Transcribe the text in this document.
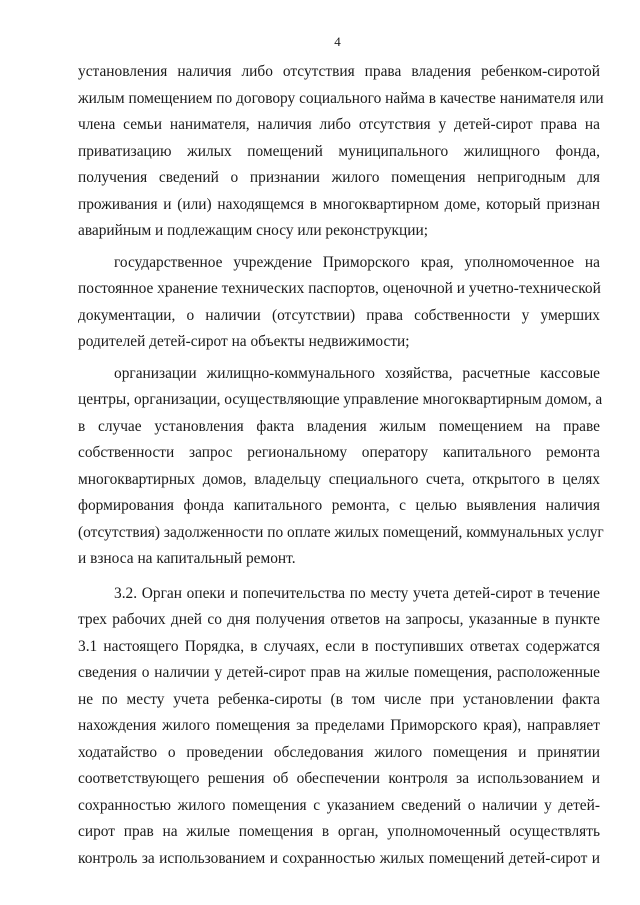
4
установления наличия либо отсутствия права владения ребенком-сиротой
жилым помещением по договору социального найма в качестве нанимателя или
члена семьи нанимателя, наличия либо отсутствия у детей-сирот права на
приватизацию жилых помещений муниципального жилищного фонда,
получения сведений о признании жилого помещения непригодным для
проживания и (или) находящемся в многоквартирном доме, который признан
аварийным и подлежащим сносу или реконструкции;
государственное учреждение Приморского края, уполномоченное на
постоянное хранение технических паспортов, оценочной и учетно-технической
документации, о наличии (отсутствии) права собственности у умерших
родителей детей-сирот на объекты недвижимости;
организации жилищно-коммунального хозяйства, расчетные кассовые
центры, организации, осуществляющие управление многоквартирным домом, а
в случае установления факта владения жилым помещением на праве
собственности запрос региональному оператору капитального ремонта
многоквартирных домов, владельцу специального счета, открытого в целях
формирования фонда капитального ремонта, с целью выявления наличия
(отсутствия) задолженности по оплате жилых помещений, коммунальных услуг
и взноса на капитальный ремонт.
3.2. Орган опеки и попечительства по месту учета детей-сирот в течение
трех рабочих дней со дня получения ответов на запросы, указанные в пункте
3.1 настоящего Порядка, в случаях, если в поступивших ответах содержатся
сведения о наличии у детей-сирот прав на жилые помещения, расположенные
не по месту учета ребенка-сироты (в том числе при установлении факта
нахождения жилого помещения за пределами Приморского края), направляет
ходатайство о проведении обследования жилого помещения и принятии
соответствующего решения об обеспечении контроля за использованием и
сохранностью жилого помещения с указанием сведений о наличии у детей-
сирот прав на жилые помещения в орган, уполномоченный осуществлять
контроль за использованием и сохранностью жилых помещений детей-сирот и
